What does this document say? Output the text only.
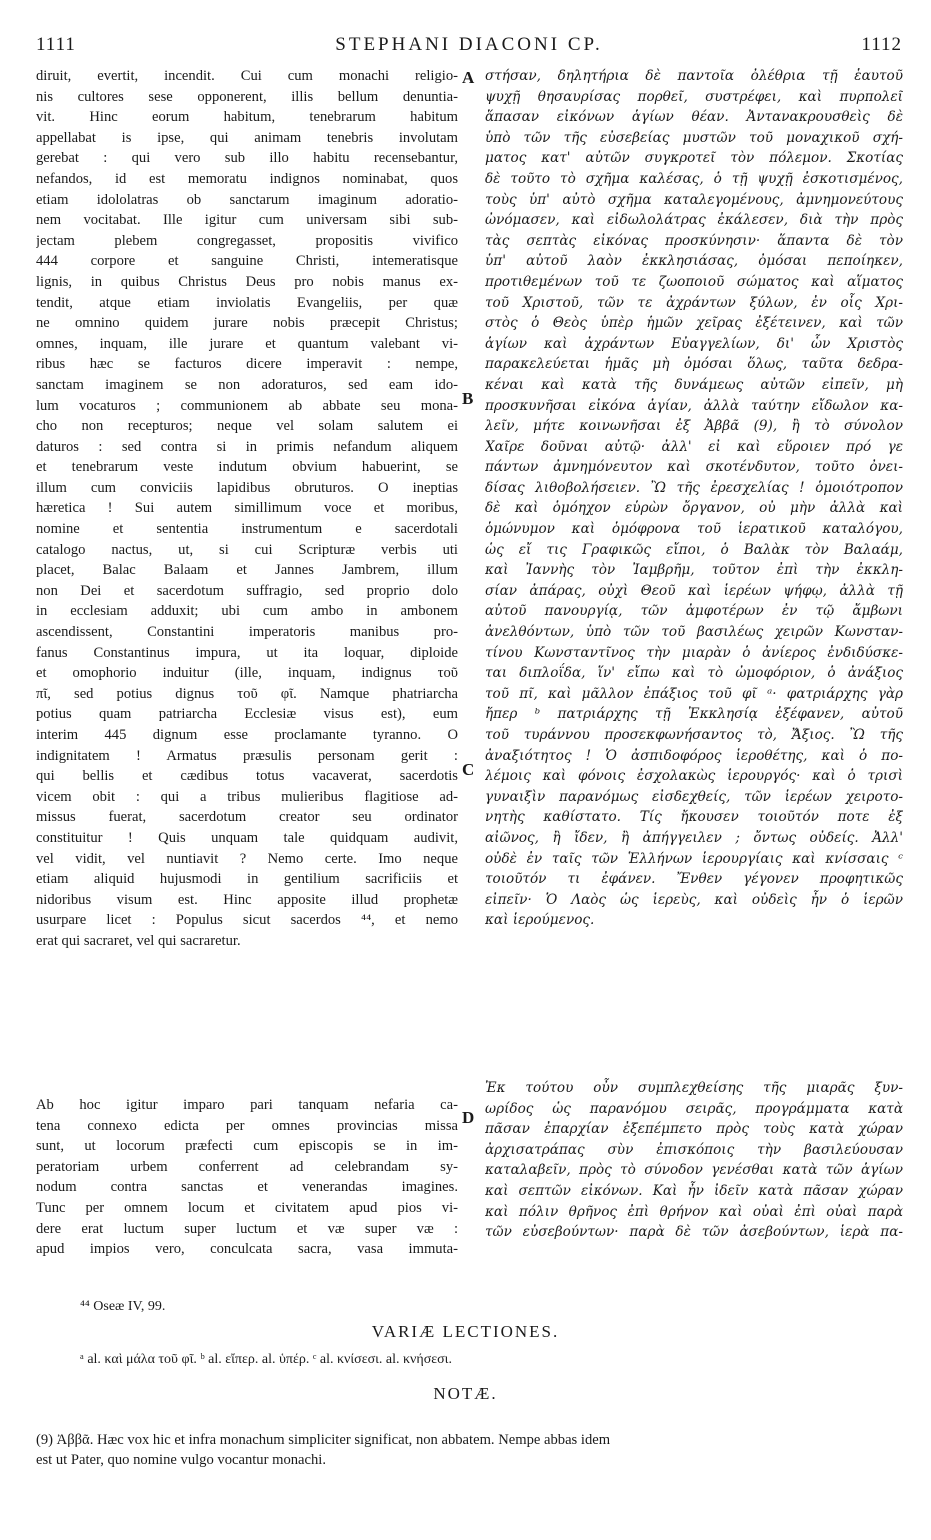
1111	STEPHANI DIACONI CP.	1112
diruit, evertit, incendit. Cui cum monachi religio-
nis cultores sese opponerent, illis bellum denuntia-
vit. Hinc eorum habitum, tenebrarum habitum
appellabat is ipse, qui animam tenebris involutam
gerebat : qui vero sub illo habitu recensebantur,
nefandos, id est memoratu indignos nominabat, quos
etiam idololatras ob sanctarum imaginum adoratio-
nem vocitabat. Ille igitur cum universam sibi sub-
jectam plebem congregasset, propositis vivifico
444 corpore et sanguine Christi, intemeratisque
lignis, in quibus Christus Deus pro nobis manus ex-
tendit, atque etiam inviolatis Evangeliis, per quæ
ne omnino quidem jurare nobis præcepit Christus;
omnes, inquam, ille jurare et quantum valebant vi-
ribus hæc se facturos dicere imperavit : nempe,
sanctam imaginem se non adoraturos, sed eam ido-
lum vocaturos ; communionem ab abbate seu mona-
cho non recepturos; neque vel solam salutem ei
daturos : sed contra si in primis nefandum aliquem
et tenebrarum veste indutum obvium habuerint, se
illum cum conviciis lapidibus obruturos. O ineptias
hæretica ! Sui autem simillimum voce et moribus,
nomine et sententia instrumentum e sacerdotali
catalogo nactus, ut, si cui Scripturæ verbis uti
placet, Balac Balaam et Jannes Jambrem, illum
non Dei et sacerdotum suffragio, sed proprio dolo
in ecclesiam adduxit; ubi cum ambo in ambonem
ascendissent, Constantini imperatoris manibus pro-
fanus Constantinus impura, ut ita loquar, diploide
et omophorio induitur (ille, inquam, indignus τοῦ
πῖ, sed potius dignus τοῦ φῖ. Namque phatriarcha
potius quam patriarcha Ecclesiæ visus est), eum
interim 445 dignum esse proclamante tyranno. O
indignitatem ! Armatus præsulis personam gerit :
qui bellis et cædibus totus vacaverat, sacerdotis
vicem obit : qui a tribus mulieribus flagitiose ad-
missus fuerat, sacerdotum creator seu ordinator
constituitur ! Quis unquam tale quidquam audivit,
vel vidit, vel nuntiavit ? Nemo certe. Imo neque
etiam aliquid hujusmodi in gentilium sacrificiis et
nidoribus visum est. Hinc apposite illud prophetæ
usurpare licet : Populus sicut sacerdos ⁴⁴, et nemo
erat qui sacraret, vel qui sacraretur.
στήσαν, δηλητήρια δὲ παντοῖα ὀλέθρια τῇ ἑαυτοῦ
ψυχῇ θησαυρίσας πορθεῖ, συστρέφει, καὶ πυρπολεῖ
ἅπασαν εἰκόνων ἁγίων θέαν. Ἀντανακρουσθεὶς δὲ
ὑπὸ τῶν τῆς εὐσεβείας μυστῶν τοῦ μοναχικοῦ σχή-
ματος κατ' αὐτῶν συγκροτεῖ τὸν πόλεμον. Σκοτίας
δὲ τοῦτο τὸ σχῆμα καλέσας, ὁ τῇ ψυχῇ ἐσκοτισμένος,
τοὺς ὑπ' αὐτὸ σχῆμα καταλεγομένους, ἀμνημονεύτους
ὠνόμασεν, καὶ εἰδωλολάτρας ἐκάλεσεν, διὰ τὴν πρὸς
τὰς σεπτὰς εἰκόνας προσκύνησιν· ἅπαντα δὲ τὸν
ὑπ' αὐτοῦ λαὸν ἐκκλησιάσας, ὀμόσαι πεποίηκεν,
προτιθεμένων τοῦ τε ζωοποιοῦ σώματος καὶ αἵματος
τοῦ Χριστοῦ, τῶν τε ἀχράντων ξύλων, ἐν οἷς Χρι-
στὸς ὁ Θεὸς ὑπὲρ ἡμῶν χεῖρας ἐξέτεινεν, καὶ τῶν
ἁγίων καὶ ἀχράντων Εὐαγγελίων, δι' ὧν Χριστὸς
παρακελεύεται ἡμᾶς μὴ ὀμόσαι ὅλως, ταῦτα δεδρα-
κέναι καὶ κατὰ τῆς δυνάμεως αὐτῶν εἰπεῖν, μὴ
προσκυνῆσαι εἰκόνα ἁγίαν, ἀλλὰ ταύτην εἴδωλον κα-
λεῖν, μήτε κοινωνῆσαι ἐξ Ἀββᾶ (9), ἢ τὸ σύνολον
Χαῖρε δοῦναι αὐτῷ· ἀλλ' εἰ καὶ εὕροιεν πρό γε
πάντων ἀμνημόνευτον καὶ σκοτένδυτον, τοῦτο ὀνει-
δίσας λιθοβολήσειεν. Ὢ τῆς ἐρεσχελίας ! ὁμοιότροπον
δὲ καὶ ὁμόηχον εὑρὼν ὄργανον, οὐ μὴν ἀλλὰ καὶ
ὁμώνυμον καὶ ὁμόφρονα τοῦ ἱερατικοῦ καταλόγου,
ὡς εἴ τις Γραφικῶς εἴποι, ὁ Βαλὰκ τὸν Βαλαάμ,
καὶ Ἰαννὴς τὸν Ἰαμβρῆμ, τοῦτον ἐπὶ τὴν ἐκκλη-
σίαν ἀπάρας, οὐχὶ Θεοῦ καὶ ἱερέων ψήφῳ, ἀλλὰ τῇ
αὐτοῦ πανουργίᾳ, τῶν ἀμφοτέρων ἐν τῷ ἄμβωνι
ἀνελθόντων, ὑπὸ τῶν τοῦ βασιλέως χειρῶν Κωνσταν-
τίνου Κωνσταντῖνος τὴν μιαρὰν ὁ ἀνίερος ἐνδιδύσκε-
ται διπλοΐδα, ἵν' εἴπω καὶ τὸ ὠμοφόριον, ὁ ἀνάξιος
τοῦ πῖ, καὶ μᾶλλον ἐπάξιος τοῦ φῖ ᵃ· φατριάρχης γὰρ
ἤπερ ᵇ πατριάρχης τῇ Ἐκκλησίᾳ ἐξέφανεν, αὐτοῦ
τοῦ τυράννου προσεκφωνήσαντος τὸ, Ἄξιος. Ὢ τῆς
ἀναξιότητος ! Ὁ ἀσπιδοφόρος ἱεροθέτης, καὶ ὁ πο-
λέμοις καὶ φόνοις ἐσχολακὼς ἱερουργός· καὶ ὁ τρισὶ
γυναιξὶν παρανόμως εἰσδεχθείς, τῶν ἱερέων χειροτο-
νητὴς καθίστατο. Τίς ἤκουσεν τοιοῦτόν ποτε ἐξ
αἰῶνος, ἢ ἴδεν, ἢ ἀπήγγειλεν ; ὄντως οὐδείς. Ἀλλ'
οὐδὲ ἐν ταῖς τῶν Ἑλλήνων ἱερουργίαις καὶ κνίσσαις ᶜ
τοιοῦτόν τι ἐφάνεν. Ἔνθεν γέγονεν προφητικῶς
εἰπεῖν· Ὁ Λαὸς ὡς ἱερεὺς, καὶ οὐδεὶς ἦν ὁ ἱερῶν
καὶ ἱερούμενος.
Ab hoc igitur imparo pari tanquam nefaria ca-
tena connexo edicta per omnes provincias missa
sunt, ut locorum præfecti cum episcopis se in im-
peratoriam urbem conferrent ad celebrandam sy-
nodum contra sanctas et venerandas imagines.
Tunc per omnem locum et civitatem apud pios vi-
dere erat luctum super luctum et væ super væ :
apud impios vero, conculcata sacra, vasa immuta-
Ἐκ τούτου οὖν συμπλεχθείσης τῆς μιαρᾶς ξυν-
ωρίδος ὡς παρανόμου σειρᾶς, προγράμματα κατὰ
πᾶσαν ἐπαρχίαν ἐξεπέμπετο πρὸς τοὺς κατὰ χώραν
ἀρχισατράπας σὺν ἐπισκόποις τὴν βασιλεύουσαν
καταλαβεῖν, πρὸς τὸ σύνοδον γενέσθαι κατὰ τῶν ἁγίων
καὶ σεπτῶν εἰκόνων. Καὶ ἦν ἰδεῖν κατὰ πᾶσαν χώραν
καὶ πόλιν θρῆνος ἐπὶ θρήνον καὶ οὐαὶ ἐπὶ οὐαὶ παρὰ
τῶν εὐσεβούντων· παρὰ δὲ τῶν ἀσεβούντων, ἱερὰ πα-
A
B
C
D
⁴⁴ Oseæ IV, 99.
VARIÆ LECTIONES.
ᵃ al. καὶ μάλα τοῦ φῖ. ᵇ al. εἴπερ. al. ὑπέρ. ᶜ al. κνίσεσι. al. κνήσεσι.
NOTÆ.
(9) Ἀββᾶ. Hæc vox hic et infra monachum simpliciter significat, non abbatem. Nempe abbas idem
est ut Pater, quo nomine vulgo vocantur monachi.
